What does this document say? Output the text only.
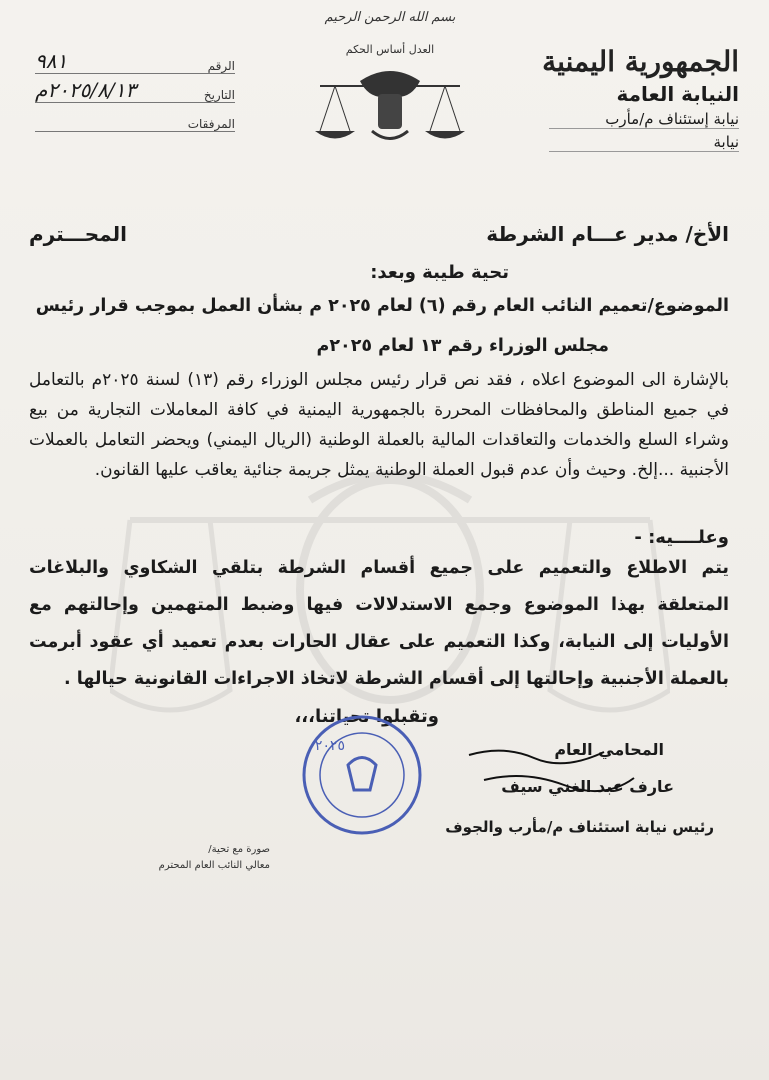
الجمهورية اليمنية
النيابة العامة
نيابة إستئناف م/مأرب
نيابة
بسم الله الرحمن الرحيم
العدل أساس الحكم
الرقم
٩٨١
التاريخ
٢٠٢٥/٨/١٣م
المرفقات
الأخ/ مدير عـــام الشرطة
المحـــترم
تحية طيبة وبعد:
الموضوع/تعميم النائب العام رقم (٦) لعام ٢٠٢٥ م بشأن العمل بموجب قرار رئيس
مجلس الوزراء رقم ١٣ لعام ٢٠٢٥م
بالإشارة الى الموضوع اعلاه ، فقد نص قرار رئيس مجلس الوزراء رقم (١٣) لسنة ٢٠٢٥م بالتعامل في جميع المناطق والمحافظات المحررة بالجمهورية اليمنية في كافة المعاملات التجارية من بيع وشراء السلع والخدمات والتعاقدات المالية بالعملة الوطنية (الريال اليمني) ويحضر التعامل بالعملات الأجنبية ...إلخ. وحيث وأن عدم قبول العملة الوطنية يمثل جريمة جنائية يعاقب عليها القانون.
وعلــــيه: -
يتم الاطلاع والتعميم على جميع أقسام الشرطة بتلقي الشكاوي والبلاغات المتعلقة بهذا الموضوع وجمع الاستدلالات فيها وضبط المتهمين وإحالتهم مع الأوليات إلى النيابة، وكذا التعميم على عقال الحارات بعدم تعميد أي عقود أبرمت بالعملة الأجنبية وإحالتها إلى أقسام الشرطة لاتخاذ الاجراءات القانونية حيالها .
وتقبلوا تحياتنا،،،
٢٠٢٥	المحامي العام
عارف عبد الغني سيف
رئيس نيابة استئناف م/مأرب والجوف
صورة مع تحية/
معالي النائب العام المحترم
